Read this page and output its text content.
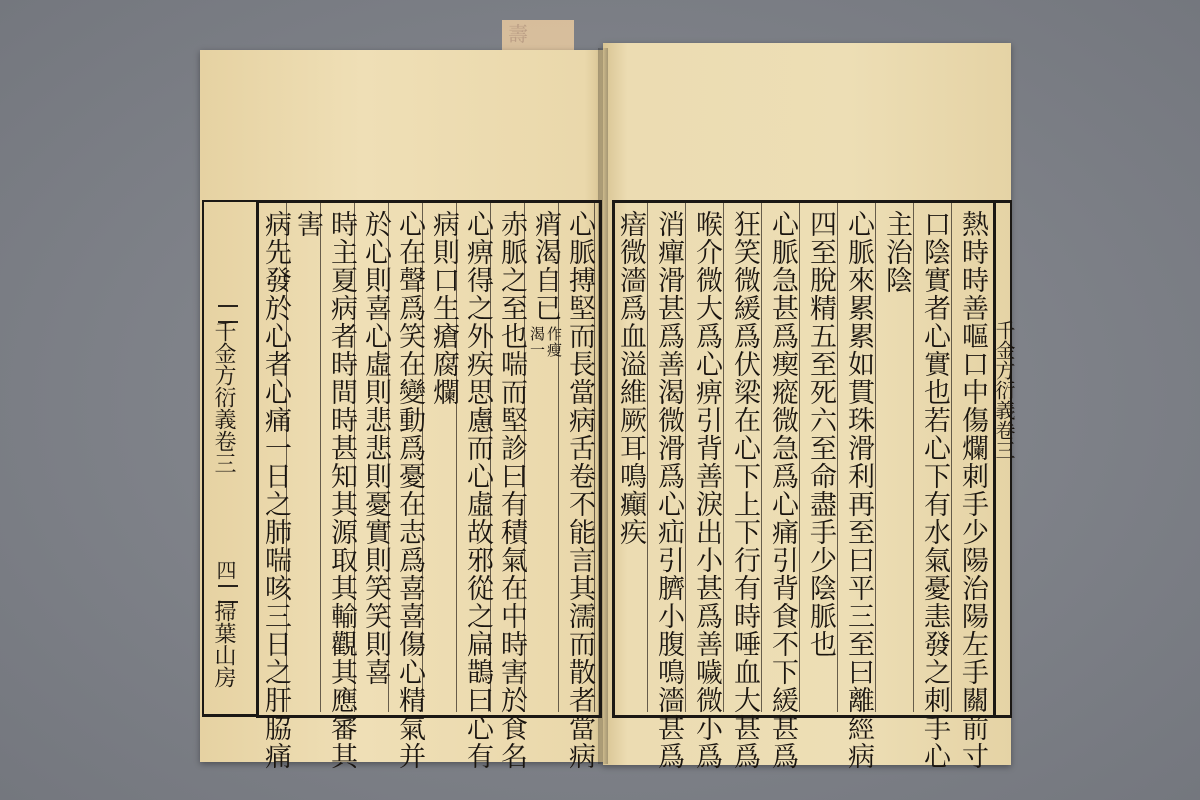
壽
千金方衍義卷三
四
掃葉山房
千金方衍義卷三
熱時時善嘔口中傷爛刺手少陽治陽左手關前寸
口陰實者心實也若心下有水氣憂恚發之刺手心
主治陰
心脈來累累如貫珠滑利再至曰平三至曰離經病
四至脫精五至死六至命盡手少陰脈也
心脈急甚爲瘈瘲微急爲心痛引背食不下緩甚爲
狂笑微緩爲伏梁在心下上下行有時唾血大甚爲
喉介微大爲心痹引背善淚出小甚爲善噦微小爲
消癉滑甚爲善渴微滑爲心疝引臍小腹鳴濇甚爲
瘖微濇爲血溢維厥耳鳴癲疾
心脈搏堅而長當病舌卷不能言其濡而散者當病
痟渴自已
渴一 作瘦
赤脈之至也喘而堅診曰有積氣在中時害於食名
心痹得之外疾思慮而心虛故邪從之扁鵲曰心有
病則口生瘡腐爛
心在聲爲笑在變動爲憂在志爲喜喜傷心精氣并
於心則喜心虛則悲悲則憂實則笑笑則喜
時主夏病者時間時甚知其源取其輸觀其應審其
害
病先發於心者心痛一日之肺喘咳三日之肝脇痛
